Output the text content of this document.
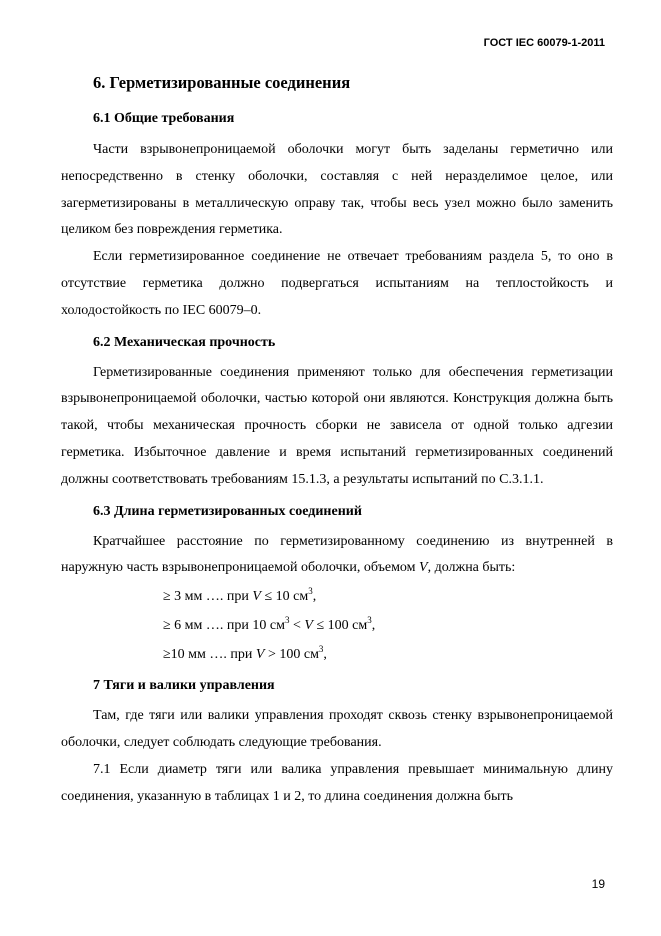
ГОСТ IEC 60079-1-2011
6. Герметизированные соединения
6.1 Общие требования

Части взрывонепроницаемой оболочки могут быть заделаны герметично или непосредственно в стенку оболочки, составляя с ней неразделимое целое, или загерметизированы в металлическую оправу так, чтобы весь узел можно было заменить целиком без повреждения герметика.

Если герметизированное соединение не отвечает требованиям раздела 5, то оно в отсутствие герметика должно подвергаться испытаниям на теплостойкость и холодостойкость по IEC 60079–0.

6.2 Механическая прочность

Герметизированные соединения применяют только для обеспечения герметизации взрывонепроницаемой оболочки, частью которой они являются. Конструкция должна быть такой, чтобы механическая прочность сборки не зависела от одной только адгезии герметика. Избыточное давление и время испытаний герметизированных соединений должны соответствовать требованиям 15.1.3, а результаты испытаний по С.3.1.1.

6.3 Длина герметизированных соединений

Кратчайшее расстояние по герметизированному соединению из внутренней в наружную часть взрывонепроницаемой оболочки, объемом V, должна быть:

≥ 3 мм …. при V ≤ 10 $см^3$,
≥ 6 мм …. при 10 $см^3 < V \le 100$ $см^3$,
≥10 мм …. при V > 100 $см^3$,
7 Тяги и валики управления

Там, где тяги или валики управления проходят сквозь стенку взрывонепроницаемой оболочки, следует соблюдать следующие требования.

7.1 Если диаметр тяги или валика управления превышает минимальную длину соединения, указанную в таблицах 1 и 2, то длина соединения должна быть

19
